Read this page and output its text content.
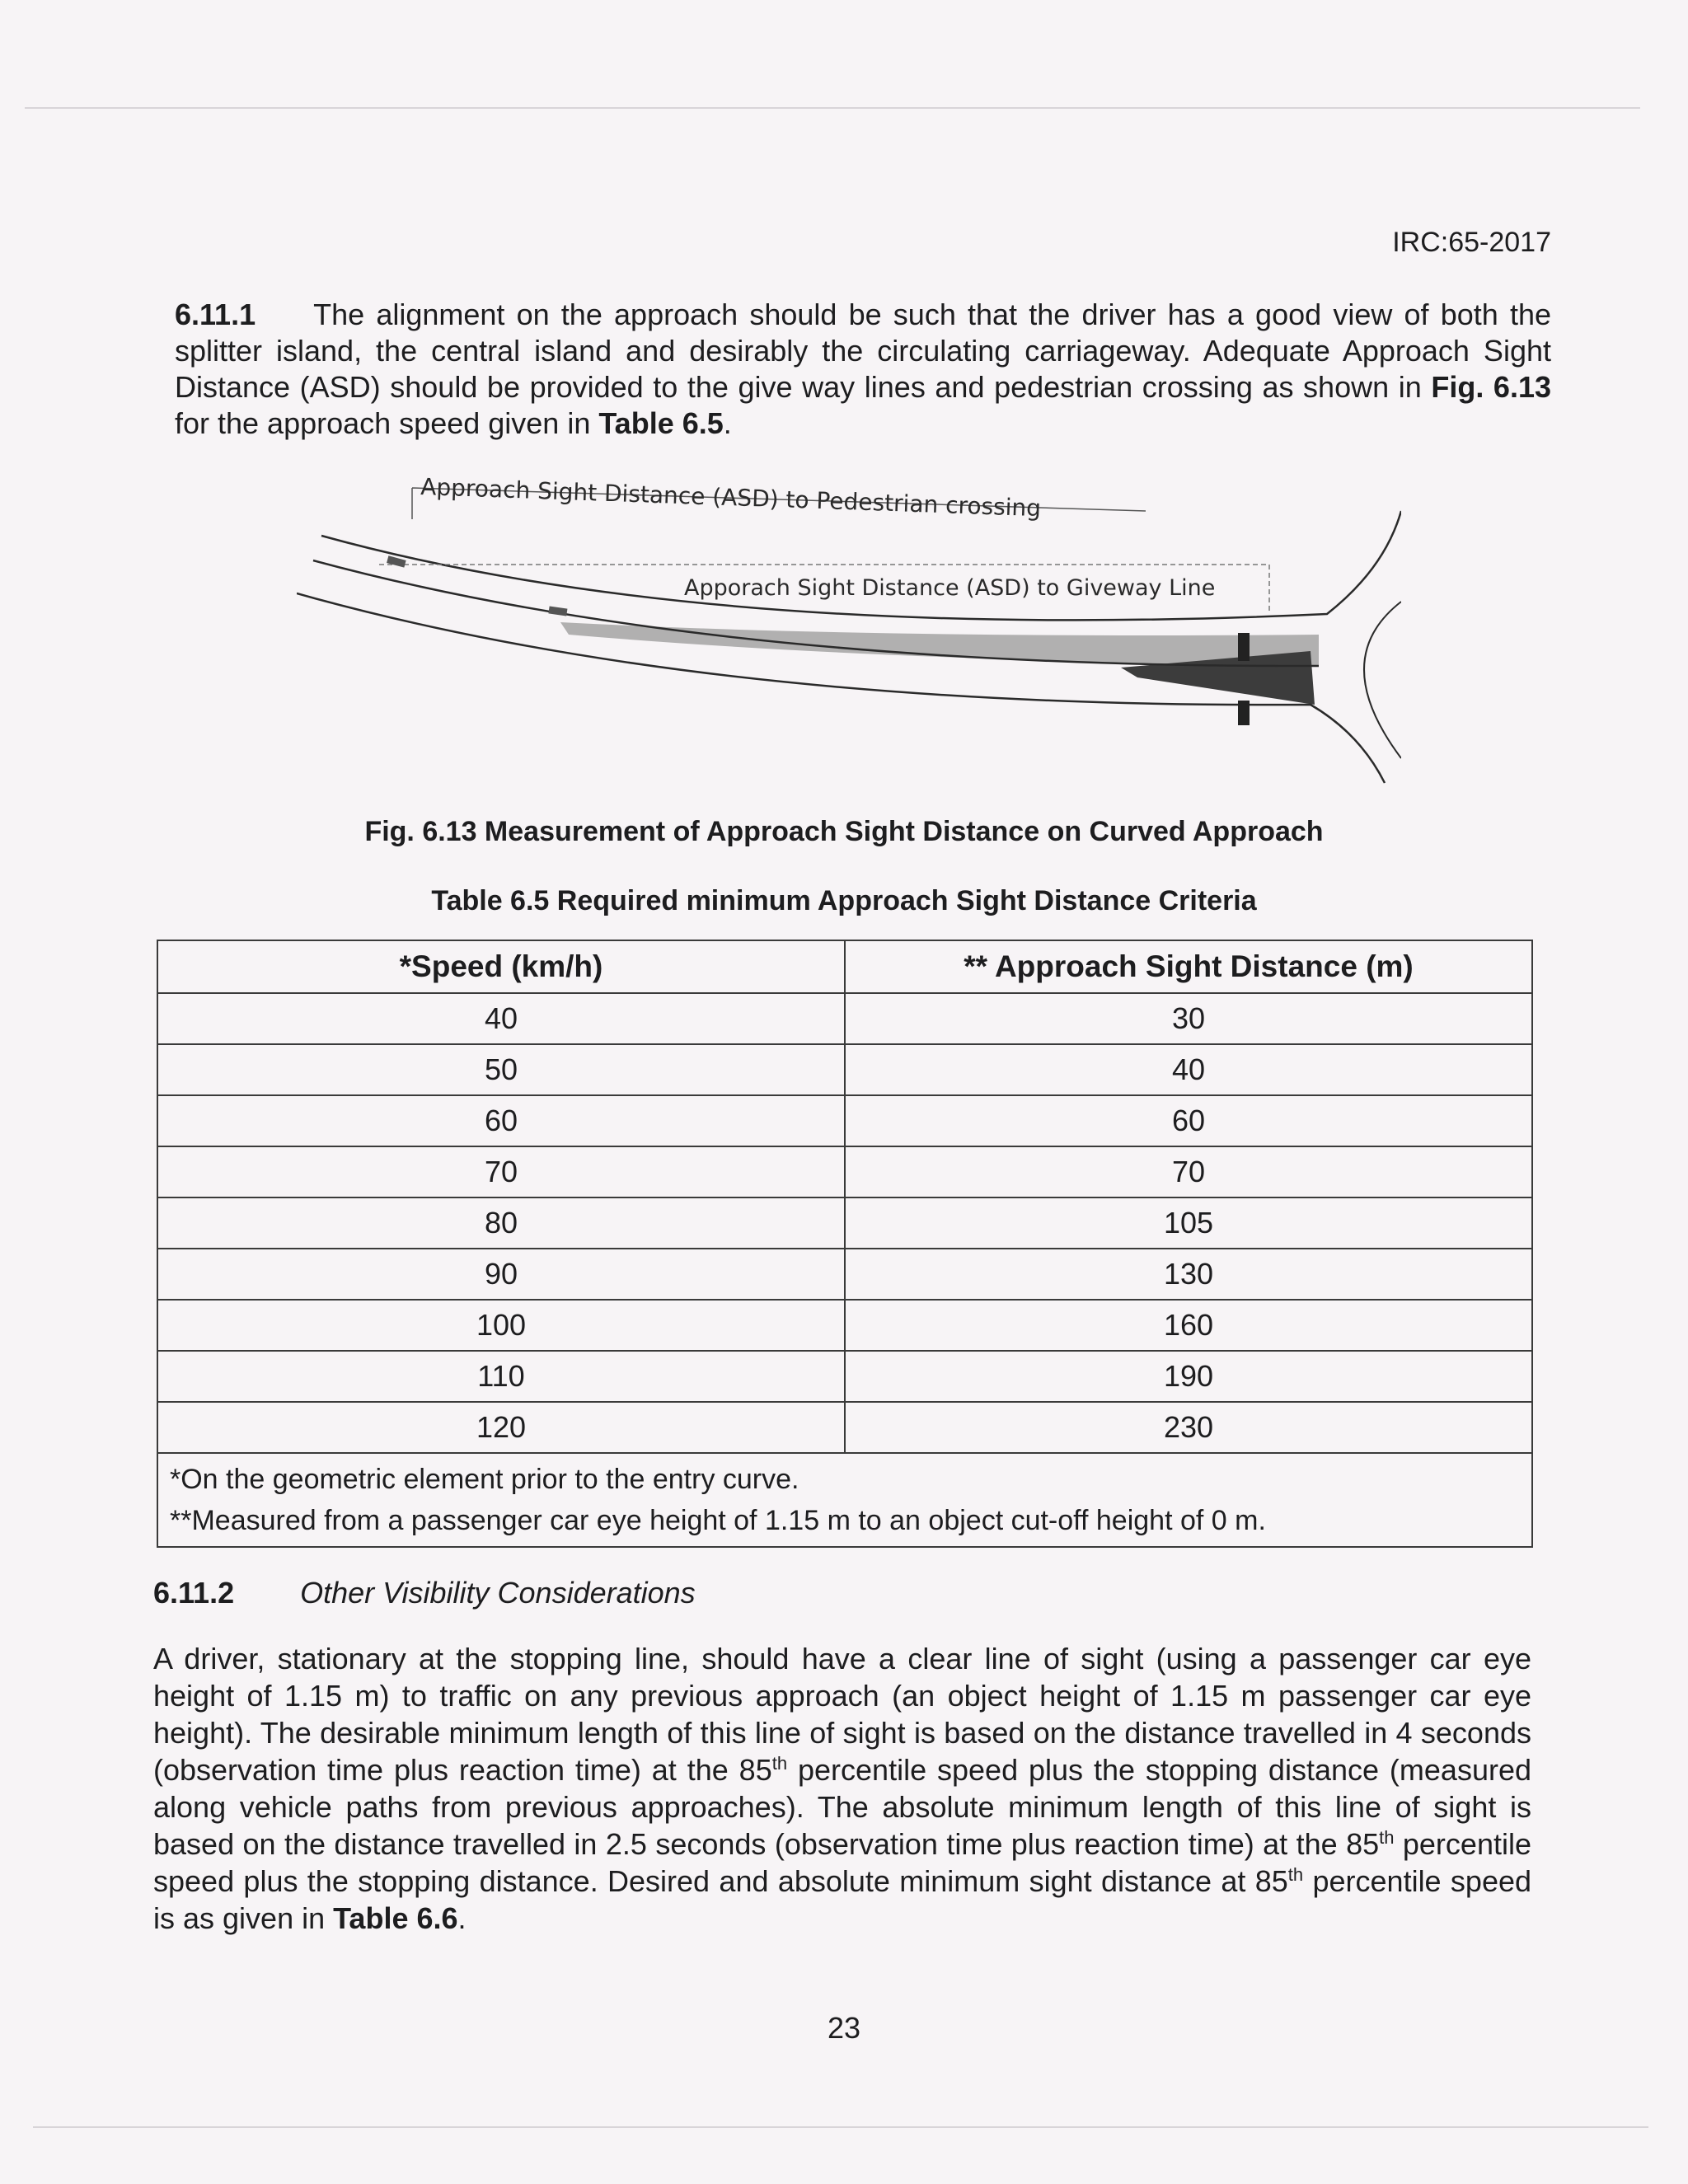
IRC:65-2017

6.11.1 The alignment on the approach should be such that the driver has a good view of both the splitter island, the central island and desirably the circulating carriageway. Adequate Approach Sight Distance (ASD) should be provided to the give way lines and pedestrian crossing as shown in Fig. 6.13 for the approach speed given in Table 6.5.

Approach Sight Distance (ASD) to Pedestrian crossing
Apporach Sight Distance (ASD) to Giveway Line
Fig. 6.13 Measurement of Approach Sight Distance on Curved Approach
Table 6.5 Required minimum Approach Sight Distance Criteria
*Speed (km/h)	** Approach Sight Distance (m)
40	30
50	40
60	60
70	70
80	105
90	130
100	160
110	190
120	230

*On the geometric element prior to the entry curve.
**Measured from a passenger car eye height of 1.15 m to an object cut-off height of 0 m.	
6.11.2 Other Visibility Considerations

A driver, stationary at the stopping line, should have a clear line of sight (using a passenger car eye height of 1.15 m) to traffic on any previous approach (an object height of 1.15 m passenger car eye height). The desirable minimum length of this line of sight is based on the distance travelled in 4 seconds (observation time plus reaction time) at the 85th percentile speed plus the stopping distance (measured along vehicle paths from previous approaches). The absolute minimum length of this line of sight is based on the distance travelled in 2.5 seconds (observation time plus reaction time) at the 85th percentile speed plus the stopping distance. Desired and absolute minimum sight distance at 85th percentile speed is as given in Table 6.6.

23
